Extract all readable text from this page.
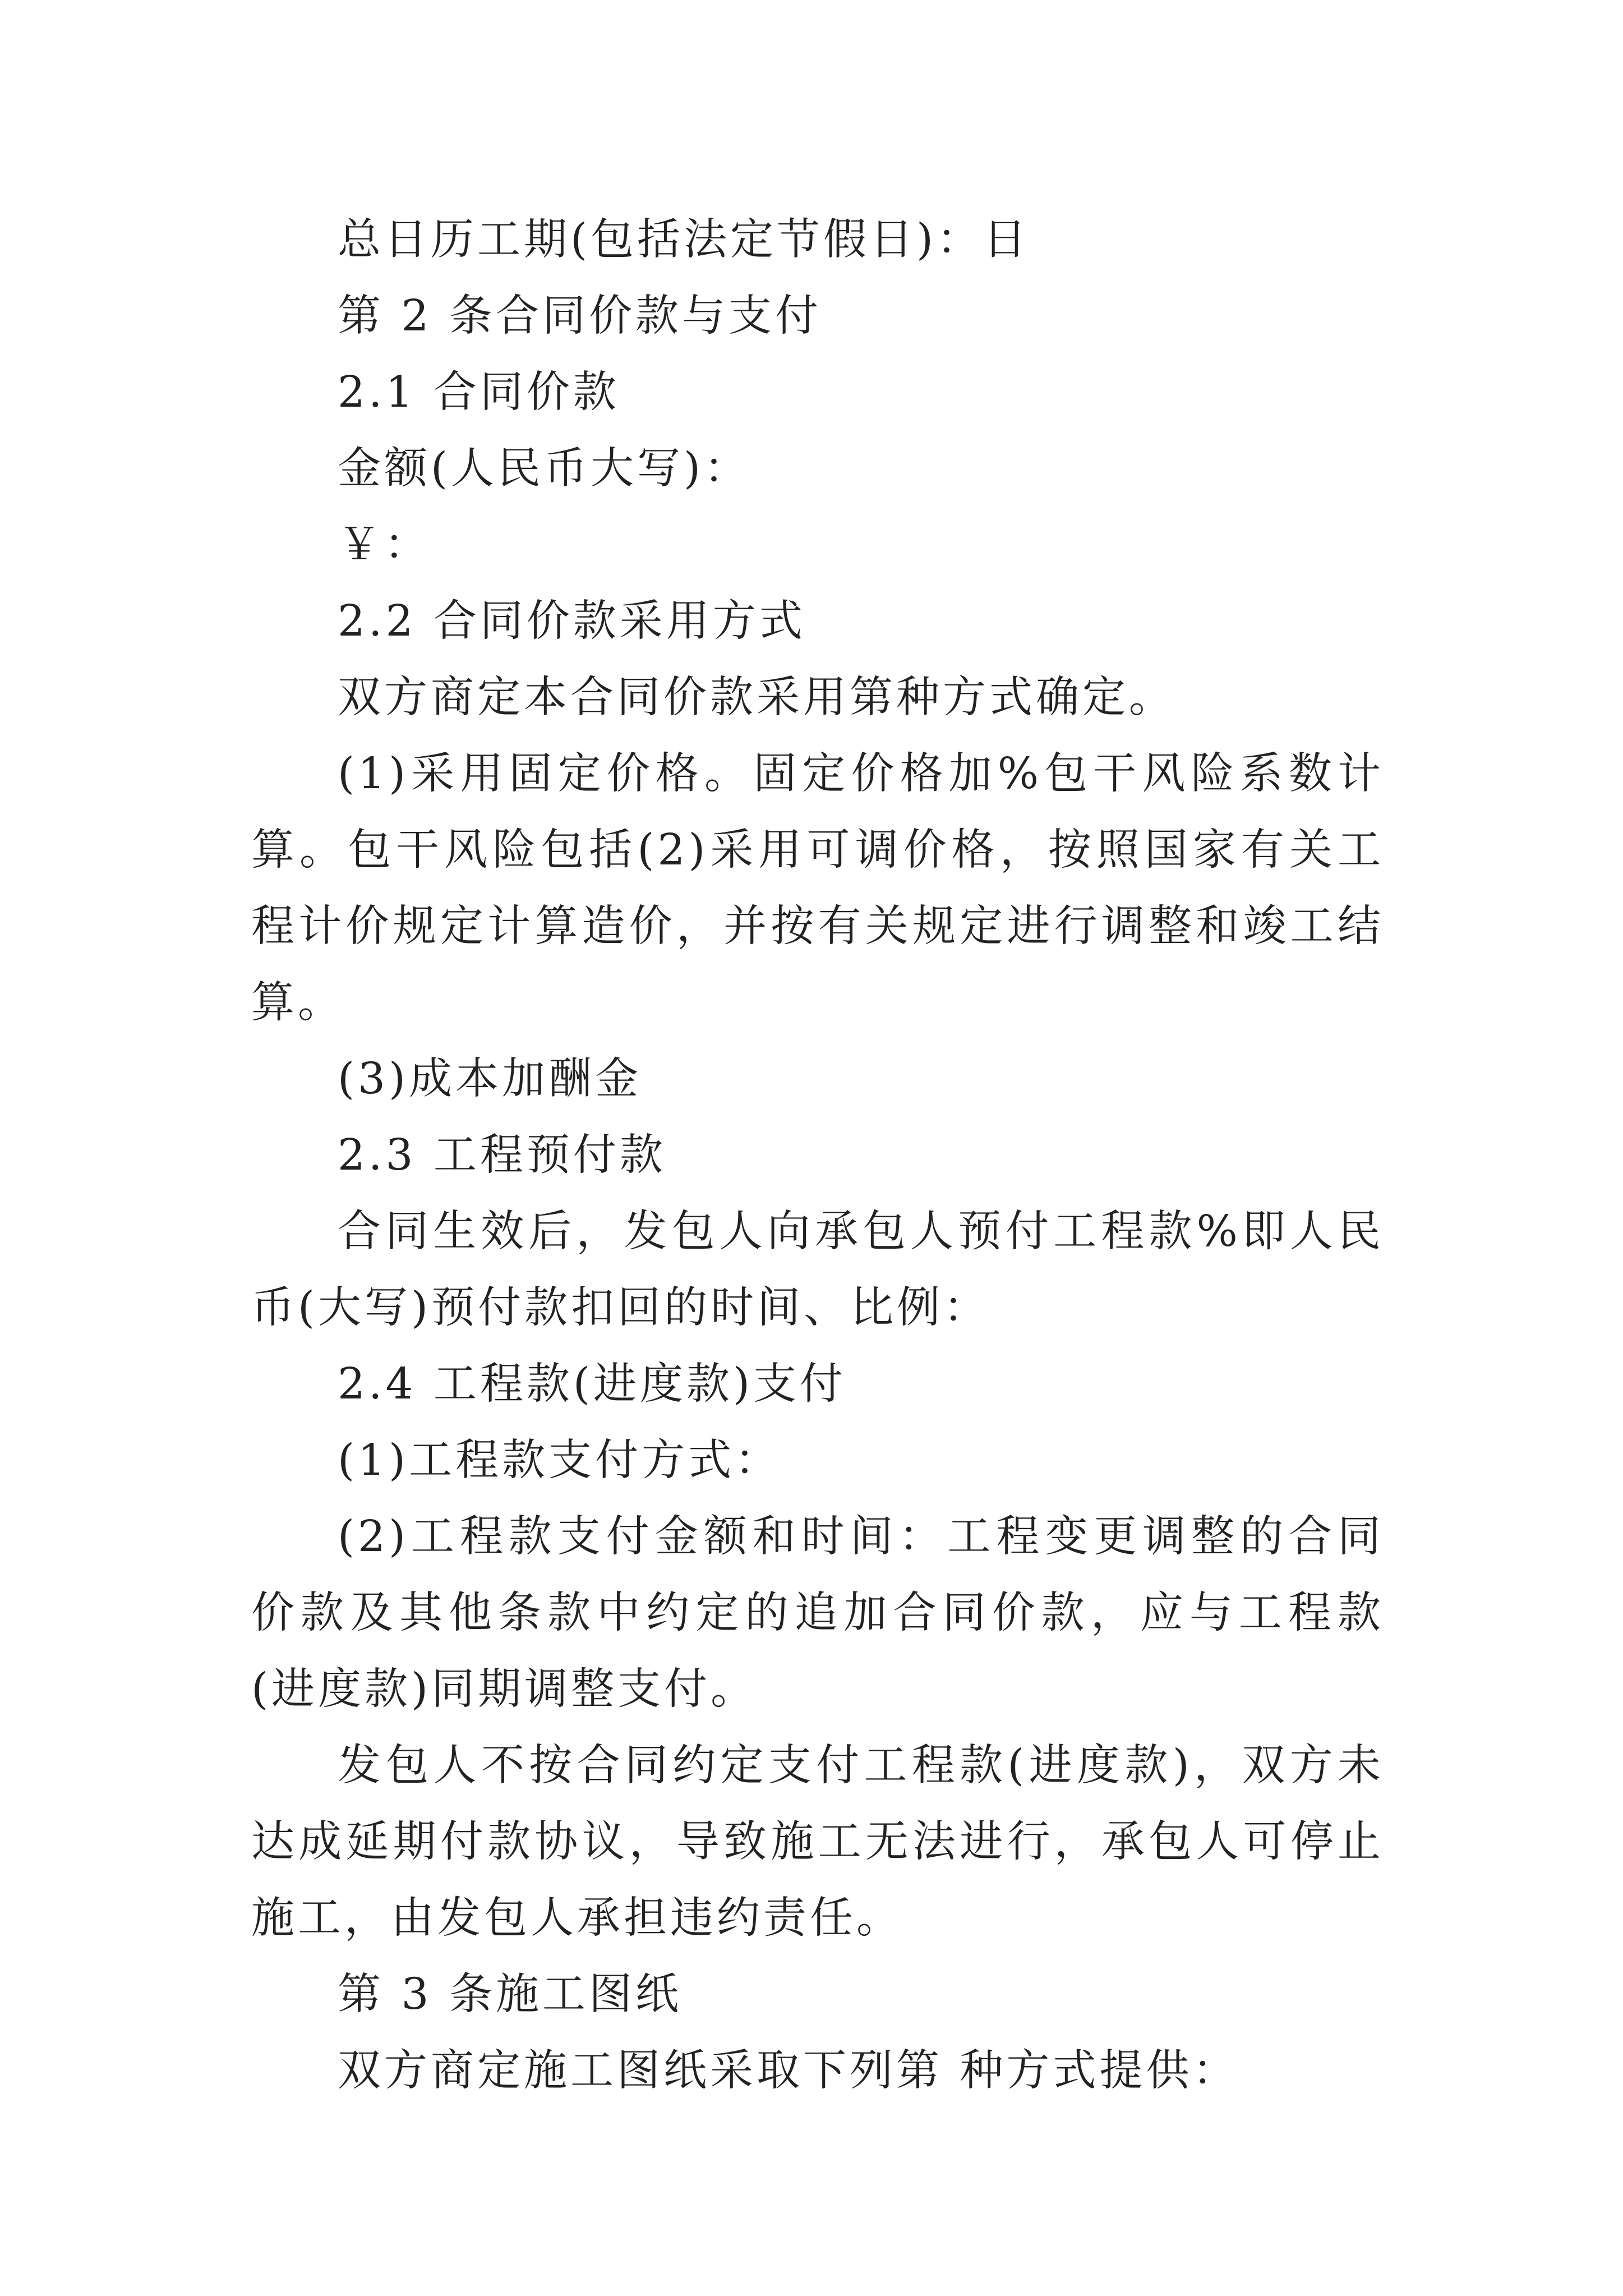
总日历工期(包括法定节假日)：日

第 2 条合同价款与支付

2.1 合同价款

金额(人民币大写)：

￥：

2.2 合同价款采用方式

双方商定本合同价款采用第种方式确定。

(1)采用固定价格。固定价格加%包干风险系数计算。包干风险包括(2)采用可调价格，按照国家有关工程计价规定计算造价，并按有关规定进行调整和竣工结算。

(3)成本加酬金

2.3 工程预付款

合同生效后，发包人向承包人预付工程款%即人民币(大写)预付款扣回的时间、比例：

2.4 工程款(进度款)支付

(1)工程款支付方式：

(2)工程款支付金额和时间：工程变更调整的合同价款及其他条款中约定的追加合同价款，应与工程款(进度款)同期调整支付。

发包人不按合同约定支付工程款(进度款)，双方未达成延期付款协议，导致施工无法进行，承包人可停止施工，由发包人承担违约责任。

第 3 条施工图纸

双方商定施工图纸采取下列第 种方式提供：
